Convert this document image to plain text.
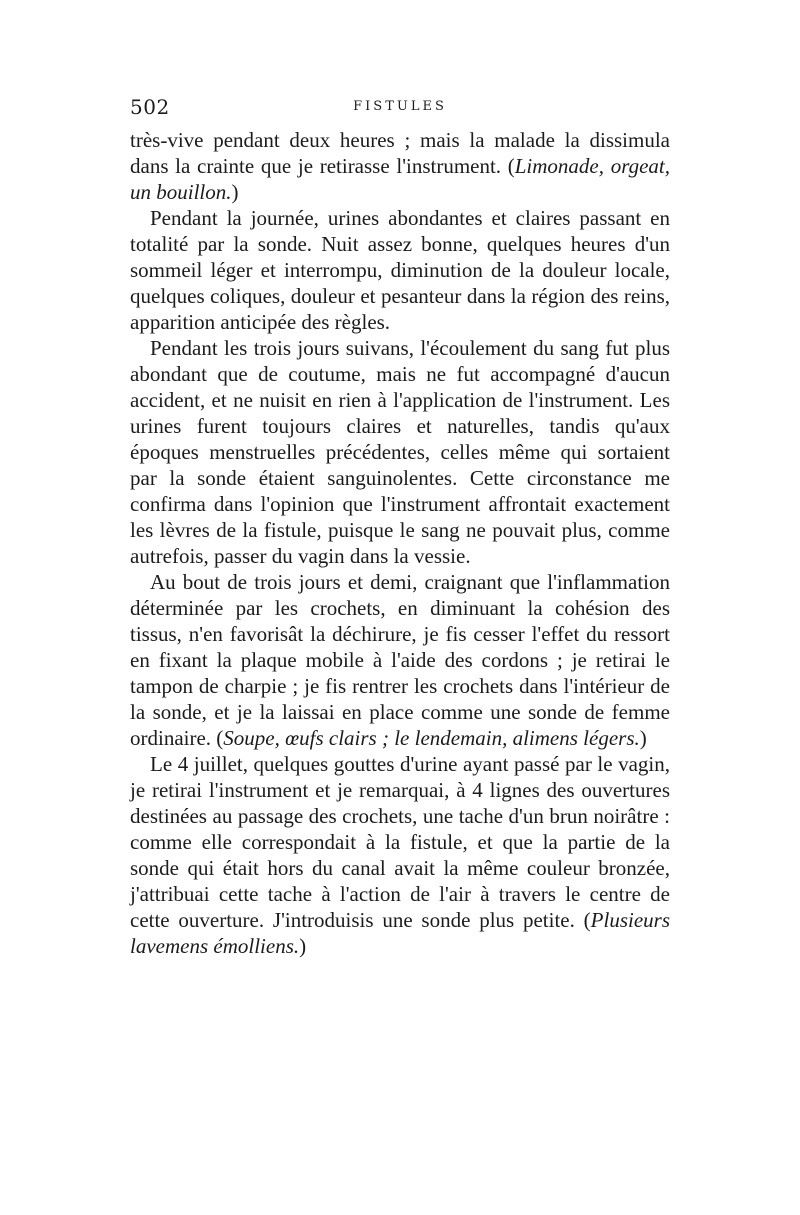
502	FISTULES

très-vive pendant deux heures ; mais la malade la dissimula dans la crainte que je retirasse l'instrument. (Limonade, orgeat, un bouillon.)

Pendant la journée, urines abondantes et claires passant en totalité par la sonde. Nuit assez bonne, quelques heures d'un sommeil léger et interrompu, diminution de la douleur locale, quelques coliques, douleur et pesanteur dans la région des reins, apparition anticipée des règles.

Pendant les trois jours suivans, l'écoulement du sang fut plus abondant que de coutume, mais ne fut accompagné d'aucun accident, et ne nuisit en rien à l'application de l'instrument. Les urines furent toujours claires et naturelles, tandis qu'aux époques menstruelles précédentes, celles même qui sortaient par la sonde étaient sanguinolentes. Cette circonstance me confirma dans l'opinion que l'instrument affrontait exactement les lèvres de la fistule, puisque le sang ne pouvait plus, comme autrefois, passer du vagin dans la vessie.

Au bout de trois jours et demi, craignant que l'inflammation déterminée par les crochets, en diminuant la cohésion des tissus, n'en favorisât la déchirure, je fis cesser l'effet du ressort en fixant la plaque mobile à l'aide des cordons ; je retirai le tampon de charpie ; je fis rentrer les crochets dans l'intérieur de la sonde, et je la laissai en place comme une sonde de femme ordinaire. (Soupe, œufs clairs ; le lendemain, alimens légers.)

Le 4 juillet, quelques gouttes d'urine ayant passé par le vagin, je retirai l'instrument et je remarquai, à 4 lignes des ouvertures destinées au passage des crochets, une tache d'un brun noirâtre : comme elle correspondait à la fistule, et que la partie de la sonde qui était hors du canal avait la même couleur bronzée, j'attribuai cette tache à l'action de l'air à travers le centre de cette ouverture. J'introduisis une sonde plus petite. (Plusieurs lavemens émolliens.)
